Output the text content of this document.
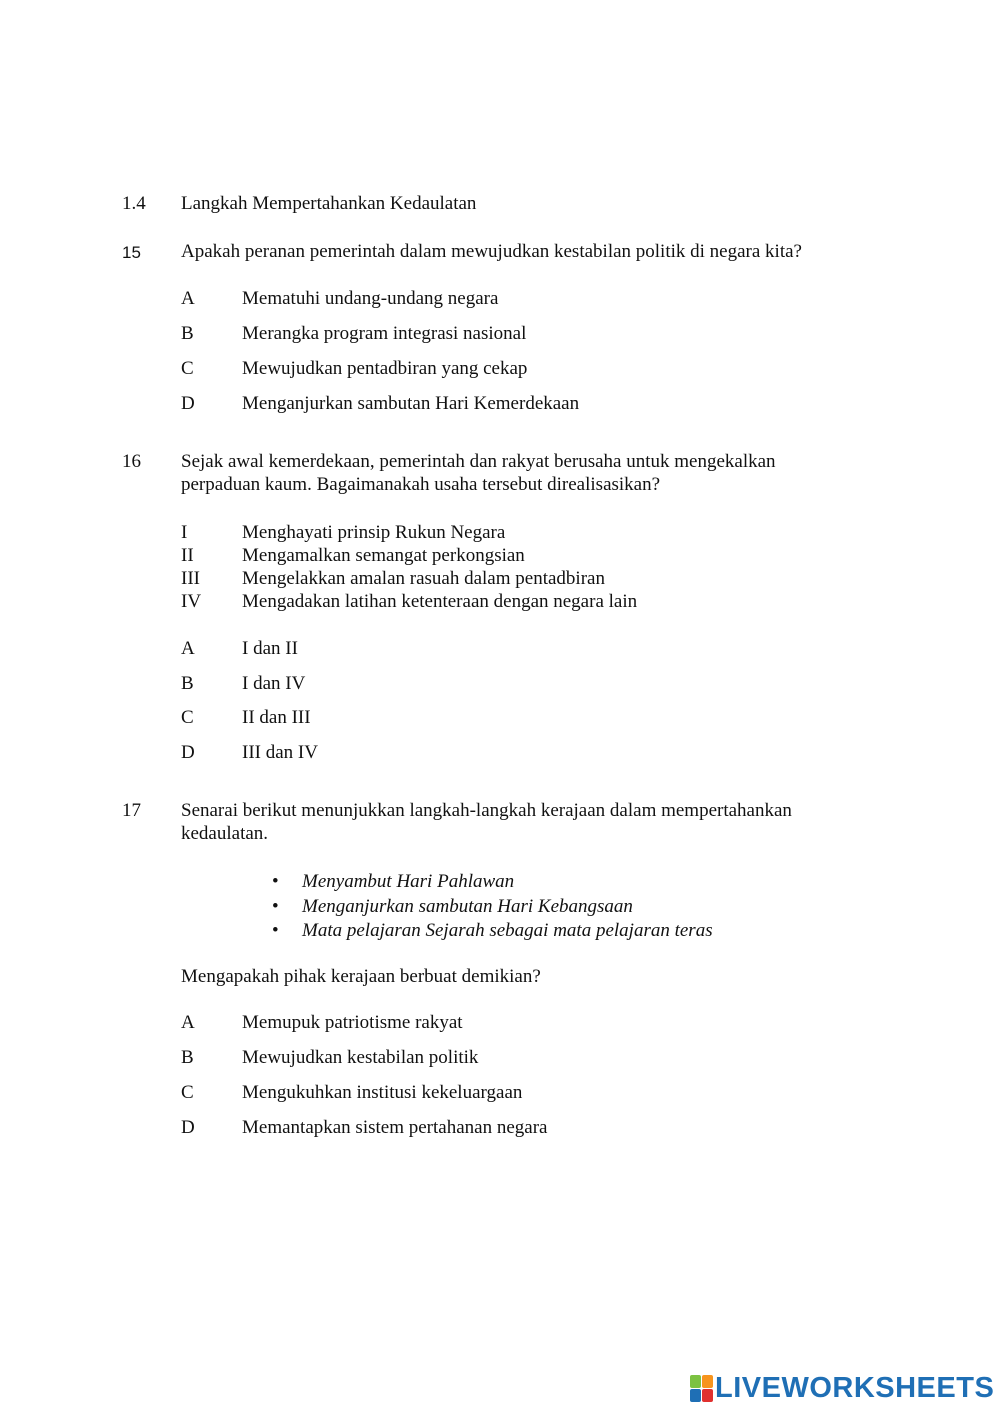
1.4 Langkah Mempertahankan Kedaulatan
15 Apakah peranan pemerintah dalam mewujudkan kestabilan politik di negara kita?
A Mematuhi undang-undang negara
B	Merangka program integrasi nasional
C	Mewujudkan pentadbiran yang cekap
D Menganjurkan sambutan Hari Kemerdekaan
16 Sejak awal kemerdekaan, pemerintah dan rakyat berusaha untuk mengekalkan
perpaduan kaum. Bagaimanakah usaha tersebut direalisasikan?
I	Menghayati prinsip Rukun Negara
II	Mengamalkan semangat perkongsian
III Mengelakkan amalan rasuah dalam pentadbiran
IV Mengadakan latihan ketenteraan dengan negara lain
A I dan II
B	I dan IV
C	II dan III
D III dan IV
17 Senarai berikut menunjukkan langkah-langkah kerajaan dalam mempertahankan
kedaulatan.
• Menyambut Hari Pahlawan
• Menganjurkan sambutan Hari Kebangsaan
• Mata pelajaran Sejarah sebagai mata pelajaran teras
Mengapakah pihak kerajaan berbuat demikian?
A Memupuk patriotisme rakyat
B	Mewujudkan kestabilan politik
C	Mengukuhkan institusi kekeluargaan
D Memantapkan sistem pertahanan negara
LIVEWORKSHEETS
